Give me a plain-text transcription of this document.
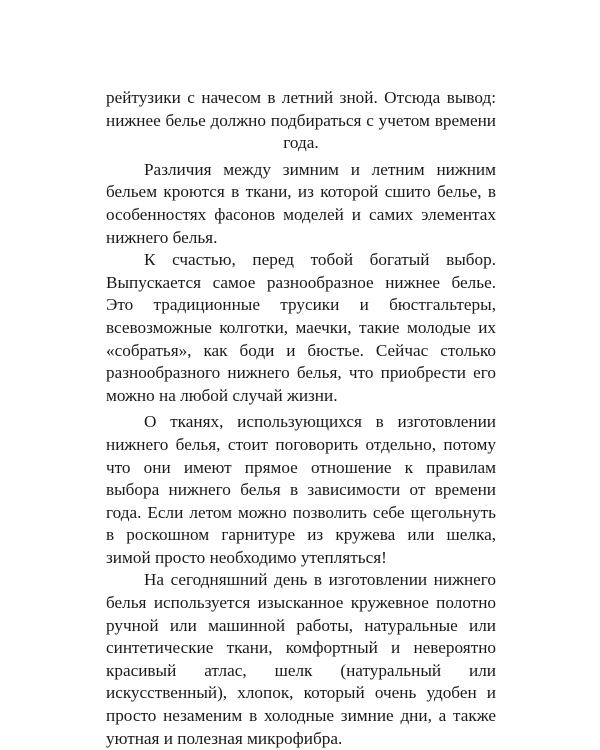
рейтузики с начесом в летний зной. Отсюда вывод: нижнее белье должно подбираться с учетом времени года.

Различия между зимним и летним нижним бельем кроются в ткани, из которой сшито белье, в особенностях фасонов моделей и самих элементах нижнего белья.

К счастью, перед тобой богатый выбор. Выпускается самое разнообразное нижнее белье. Это традиционные трусики и бюстгальтеры, всевозможные колготки, маечки, такие молодые их «собратья», как боди и бюстье. Сейчас столько разнообразного нижнего белья, что приобрести его можно на любой случай жизни.

О тканях, использующихся в изготовлении нижнего белья, стоит поговорить отдельно, потому что они имеют прямое отношение к правилам выбора нижнего белья в зависимости от времени года. Если летом можно позволить себе щегольнуть в роскошном гарнитуре из кружева или шелка, зимой просто необходимо утепляться!

На сегодняшний день в изготовлении нижнего белья используется изысканное кружевное полотно ручной или машинной работы, натуральные или синтетические ткани, комфортный и невероятно красивый атлас, шелк (натуральный или искусственный), хлопок, который очень удобен и просто незаменим в холодные зимние дни, а также уютная и полезная микрофибра.
